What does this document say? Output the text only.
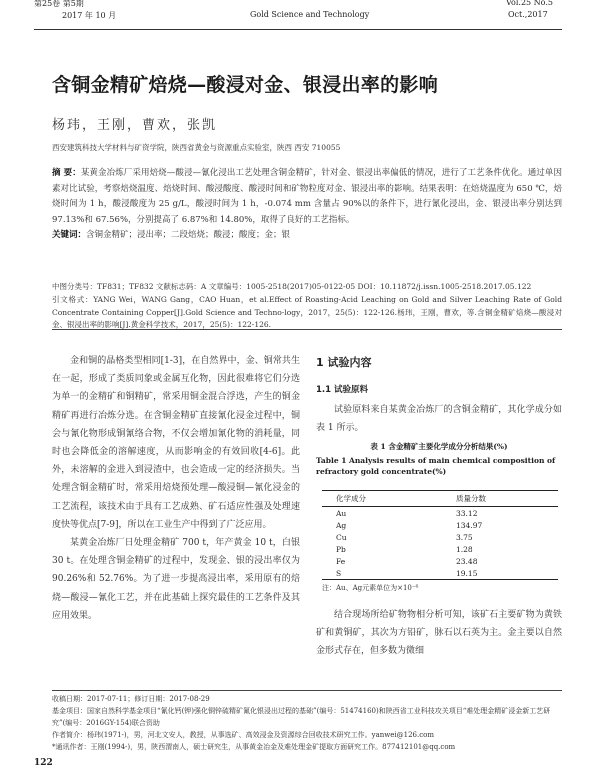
第25卷 第5期
2017 年 10 月	Gold Science and Technology
Vol.25 No.5
Oct.,2017
含铜金精矿焙烧—酸浸对金、银浸出率的影响
杨玮，王刚，曹欢，张凯
西安建筑科技大学材料与矿资学院，陕西省黄金与资源重点实验室，陕西 西安 710055
摘 要：某黄金冶炼厂采用焙烧—酸浸—氰化浸出工艺处理含铜金精矿，针对金、银浸出率偏低的情况，进行了工艺条件优化。通过单因素对比试验，考察焙烧温度、焙烧时间、酸浸酸度、酸浸时间和矿物粒度对金、银浸出率的影响。结果表明：在焙烧温度为 650 ℃，焙烧时间为 1 h，酸浸酸度为 25 g/L，酸浸时间为 1 h，-0.074 mm 含量占 90%以的条件下，进行氰化浸出，金、银浸出率分别达到 97.13%和 67.56%，分别提高了 6.87%和 14.80%，取得了良好的工艺指标。
关键词：含铜金精矿；浸出率；二段焙烧；酸浸；酸度；金；银
中图分类号：TF831；TF832 文献标志码：A 文章编号：1005-2518(2017)05-0122-05 DOI：10.11872/j.issn.1005-2518.2017.05.122
引文格式：YANG Wei，WANG Gang，CAO Huan，et al.Effect of Roasting-Acid Leaching on Gold and Silver Leaching Rate of Gold Concentrate Containing Copper[J].Gold Science and Techno-logy，2017，25(5)：122-126.杨玮，王刚，曹欢，等.含铜金精矿焙烧—酸浸对金、银浸出率的影响[J].黄金科学技术，2017，25(5)：122-126.

金和铜的晶格类型相同[1-3]，在自然界中，金、铜常共生在一起，形成了类质同象或金属互化物，因此很难将它们分选为单一的金精矿和铜精矿，常采用铜金混合浮选，产生的铜金精矿再进行冶炼分选。在含铜金精矿直接氰化浸金过程中，铜会与氰化物形成铜氰络合物，不仅会增加氰化物的消耗量，同时也会降低金的溶解速度，从而影响金的有效回收[4-6]。此外，未溶解的金进入到浸渣中，也会造成一定的经济损失。当处理含铜金精矿时，常采用焙烧预处理—酸浸铜—氰化浸金的工艺流程，该技术由于具有工艺成熟、矿石适应性强及处理速度快等优点[7-9]，所以在工业生产中得到了广泛应用。

某黄金冶炼厂日处理金精矿 700 t，年产黄金 10 t，白银 30 t。在处理含铜金精矿的过程中，发现金、银的浸出率仅为 90.26%和 52.76%。为了进一步提高浸出率，采用原有的焙烧—酸浸—氰化工艺，并在此基础上探究最佳的工艺条件及其应用效果。

1 试验内容
1.1 试验原料

试验原料来自某黄金冶炼厂的含铜金精矿，其化学成分如表 1 所示。

表 1 含金精矿主要化学成分分析结果(%)
Table 1 Analysis results of main chemical composition of refractory gold concentrate(%)
化学成分	质量分数
Au	33.12
Ag	134.97
Cu	3.75
Pb	1.28
Fe	23.48
S	19.15
注：Au、Ag元素单位为×10⁻⁶

结合现场所给矿物物相分析可知，该矿石主要矿物为黄铁矿和黄铜矿，其次为方铅矿，脉石以石英为主。金主要以自然金形式存在，但多数为微细

收稿日期：2017-07-11；修订日期：2017-08-29
基金项目：国家自然科学基金项目“氰化钙(钾)强化铜锌硫精矿氰化银浸出过程的基础”(编号：51474160)和陕西省工业科技攻关项目“难处理金精矿浸金新工艺研究”(编号：2016GY-154)联合资助
作者简介：杨玮(1971-)，男，河北文安人，教授，从事选矿、高效浸金及资源综合回收技术研究工作。yanwei@126.com
*通讯作者：王刚(1994-)，男，陕西渭南人，硕士研究生，从事黄金冶金及难处理金矿提取方面研究工作。877412101@qq.com
122
